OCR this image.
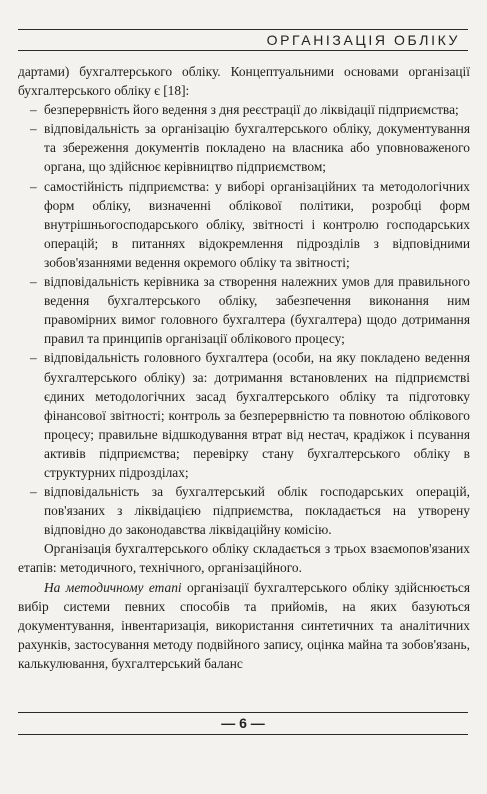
ОРГАНІЗАЦІЯ ОБЛІКУ

дартами) бухгалтерського обліку. Концептуальними основами організації бухгалтерського обліку є [18]:

– безперервність його ведення з дня реєстрації до ліквідації підприємства;
– відповідальність за організацію бухгалтерського обліку, документування та збереження документів покладено на власника або уповноваженого органа, що здійснює керівництво підприємством;
– самостійність підприємства: у виборі організаційних та методологічних форм обліку, визначенні облікової політики, розробці форм внутрішньогосподарського обліку, звітності і контролю господарських операцій; в питаннях відокремлення підрозділів з відповідними зобов'язаннями ведення окремого обліку та звітності;
– відповідальність керівника за створення належних умов для правильного ведення бухгалтерського обліку, забезпечення виконання ним правомірних вимог головного бухгалтера (бухгалтера) щодо дотримання правил та принципів організації облікового процесу;
– відповідальність головного бухгалтера (особи, на яку покладено ведення бухгалтерського обліку) за: дотримання встановлених на підприємстві єдиних методологічних засад бухгалтерського обліку та підготовку фінансової звітності; контроль за безперервністю та повнотою облікового процесу; правильне відшкодування втрат від нестач, крадіжок і псування активів підприємства; перевірку стану бухгалтерського обліку в структурних підрозділах;
– відповідальність за бухгалтерський облік господарських операцій, пов'язаних з ліквідацією підприємства, покладається на утворену відповідно до законодавства ліквідаційну комісію.

Організація бухгалтерського обліку складається з трьох взаємопов'язаних етапів: методичного, технічного, організаційного.

На методичному етапі організації бухгалтерського обліку здійснюється вибір системи певних способів та прийомів, на яких базуються документування, інвентаризація, використання синтетичних та аналітичних рахунків, застосування методу подвійного запису, оцінка майна та зобов'язань, калькулювання, бухгалтерський баланс

— 6 —
